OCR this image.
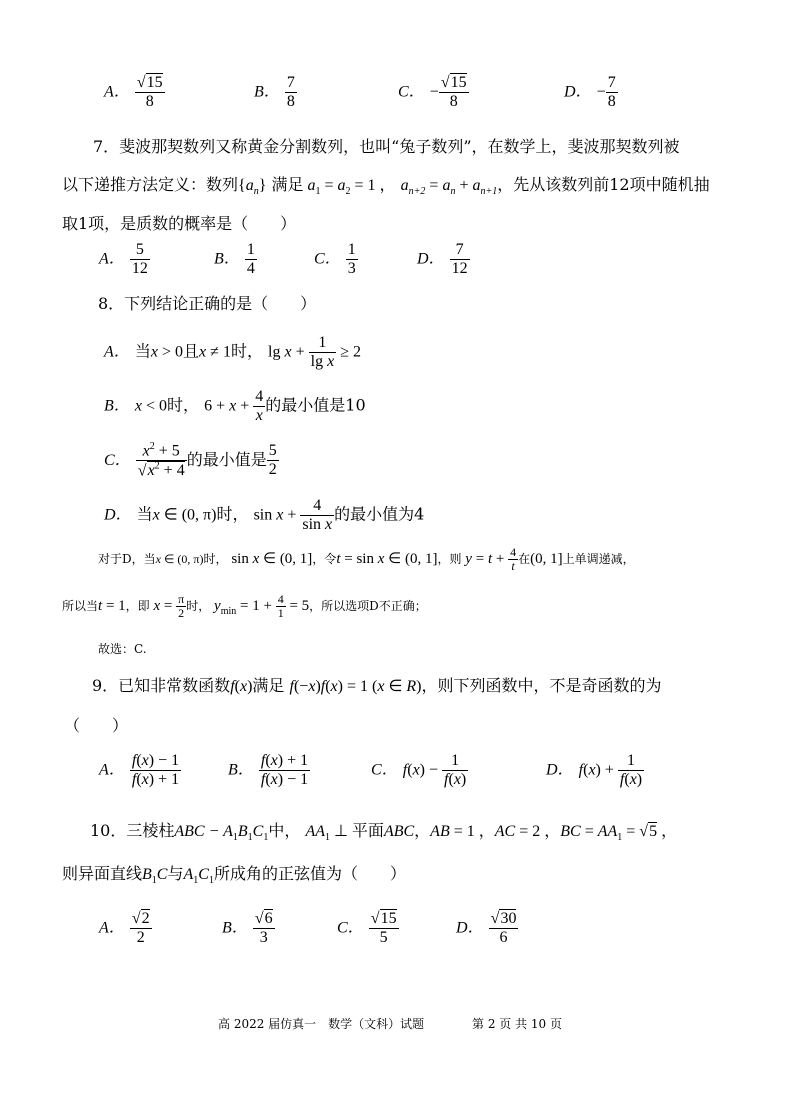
A． $\frac{√15}{8}$	B． $\frac{7}{8}$	C． − $\frac{√15}{8}$	D． − $\frac{7}{8}$
7．斐波那契数列又称黄金分割数列，也叫“兔子数列”，在数学上，斐波那契数列被
以下递推方法定义：数列$\{a_n\}$ 满足 $a_1 = a_2 = 1$ ， $a_{n+2} = a_n + a_{n+1}$，先从该数列前12项中随机抽
取1项，是质数的概率是（　　）
A． $\frac{5}{12}$	B． $\frac{1}{4}$	C． $\frac{1}{3}$	D． $\frac{7}{12}$
8．下列结论正确的是（　　）
A． 当x > 0且x ≠ 1时， $\lg x + \frac{1}{\text{lg x}} \ge 2$
B． x < 0时， $6 + x + \frac{4}{x}$ 的最小值是10
C． $\frac{x^2 + 5}{√x^2 + 4}$ 的最小值是 $\frac{5}{2}$
D． 当x ∈ (0, π)时， $\sin x + \frac{4}{\text{sin x}}$ 的最小值为4
对于D，当x ∈ (0, π)时， sin x ∈ (0, 1]，令t = sin x ∈ (0, 1]，则 $y = t + \frac{4}{t}$ 在(0, 1]上单调递减，
所以当t = 1，即 $x = \frac{\pi}{2}$ 时， $y_{min} = 1 + \frac{4}{1} = 5$，所以选项D不正确；
故选：C.
9．已知非常数函数f(x)满足 f(−x)f(x) = 1 (x ∈ R)，则下列函数中，不是奇函数的为
（　　）
A． $\frac{f(x) - 1}{f(x) + 1}$	B． $\frac{f(x) + 1}{f(x) - 1}$	C． $f(x) - \frac{1}{f(x)}$	D． $f(x) + \frac{1}{f(x)}$
10．三棱柱ABC − $A_1B_1C_1$中， $AA_1$ ⊥ 平面ABC，AB = 1 ，AC = 2 ，BC = $AA_1 = √5$ ，
则异面直线$B_1C$与$A_1C_1$所成角的正弦值为（　　）
A． $\frac{√2}{2}$	B． $\frac{√6}{3}$	C． $\frac{√15}{5}$	D． $\frac{√30}{6}$
高 2022 届仿真一　数学（文科）试题	第 2 页 共 10 页
